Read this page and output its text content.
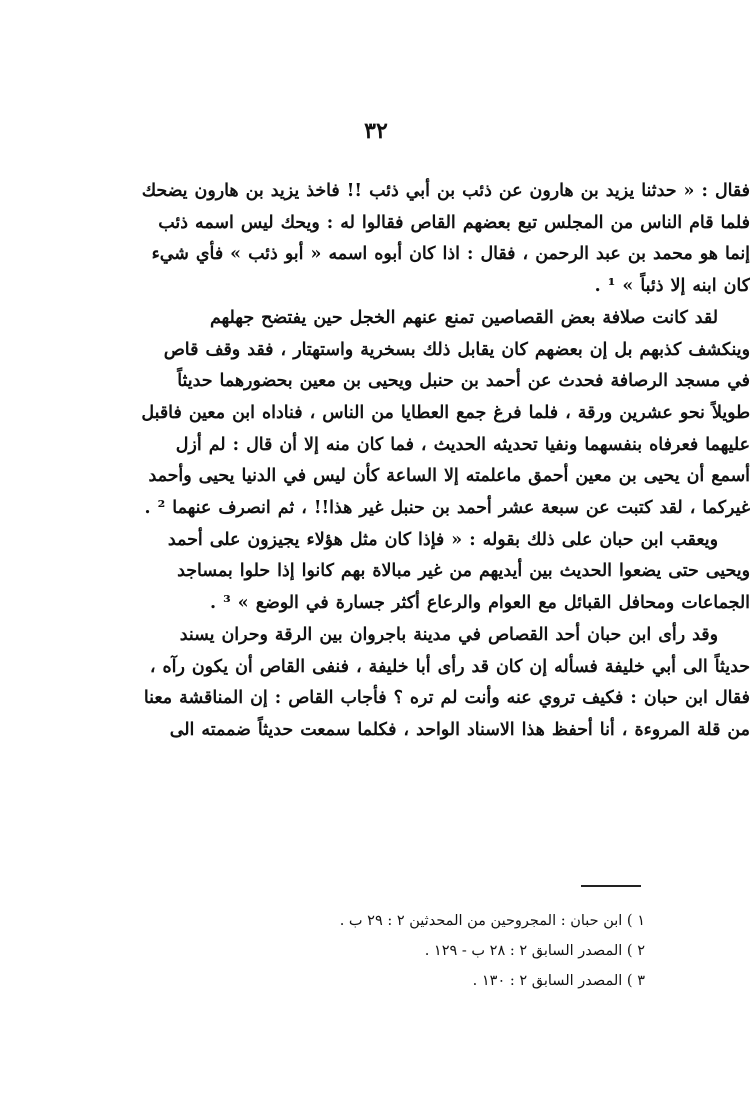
٣٢
فقال : « حدثنا يزيد بن هارون عن ذئب بن أبي ذئب !! فاخذ يزيد بن هارون يضحك
فلما قام الناس من المجلس تبع بعضهم القاص فقالوا له : ويحك ليس اسمه ذئب
إنما هو محمد بن عبد الرحمن ، فقال : اذا كان أبوه اسمه « أبو ذئب » فأي شيء
كان ابنه إلا ذئباً » ¹ .
لقد كانت صلافة بعض القصاصين تمنع عنهم الخجل حين يفتضح جهلهم
وينكشف كذبهم بل إن بعضهم كان يقابل ذلك بسخرية واستهتار ، فقد وقف قاص
في مسجد الرصافة فحدث عن أحمد بن حنبل ويحيى بن معين بحضورهما حديثاً
طويلاً نحو عشرين ورقة ، فلما فرغ جمع العطايا من الناس ، فناداه ابن معين فاقبل
عليهما فعرفاه بنفسهما ونفيا تحديثه الحديث ، فما كان منه إلا أن قال : لم أزل
أسمع أن يحيى بن معين أحمق ماعلمته إلا الساعة كأن ليس في الدنيا يحيى وأحمد
غيركما ، لقد كتبت عن سبعة عشر أحمد بن حنبل غير هذا!! ، ثم انصرف عنهما ² .
ويعقب ابن حبان على ذلك بقوله : « فإذا كان مثل هؤلاء يجيزون على أحمد
ويحيى حتى يضعوا الحديث بين أيديهم من غير مبالاة بهم كانوا إذا حلوا بمساجد
الجماعات ومحافل القبائل مع العوام والرعاع أكثر جسارة في الوضع » ³ .
وقد رأى ابن حبان أحد القصاص في مدينة باجروان بين الرقة وحران يسند
حديثاً الى أبي خليفة فسأله إن كان قد رأى أبا خليفة ، فنفى القاص أن يكون رآه ،
فقال ابن حبان : فكيف تروي عنه وأنت لم تره ؟ فأجاب القاص : إن المناقشة معنا
من قلة المروءة ، أنا أحفظ هذا الاسناد الواحد ، فكلما سمعت حديثاً ضممته الى
١ ) ابن حبان : المجروحين من المحدثين ٢ : ٢٩ ب .
٢ ) المصدر السابق ٢ : ٢٨ ب - ١٢٩ .
٣ ) المصدر السابق ٢ : ١٣٠ .
